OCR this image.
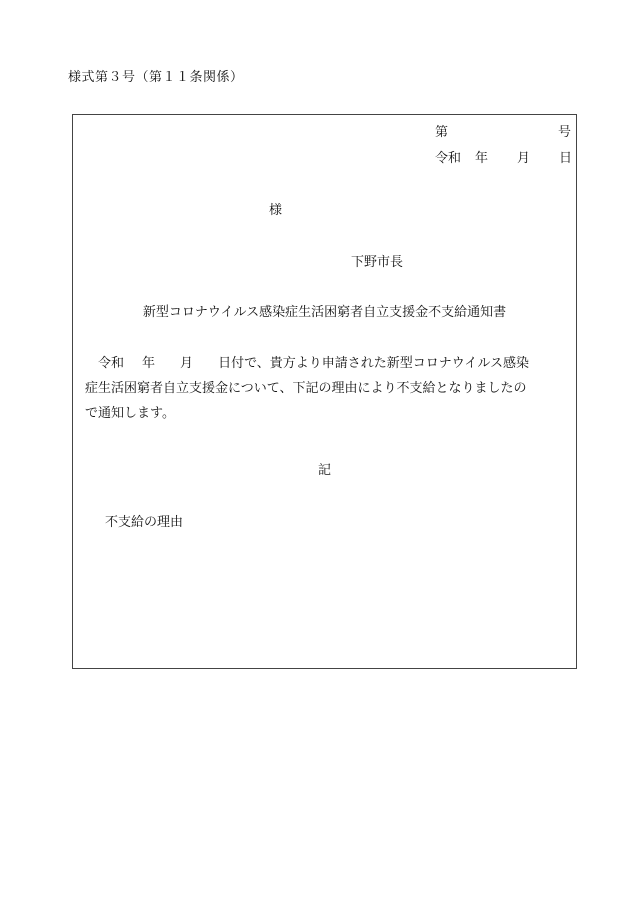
様式第３号（第１１条関係）
第	号
令和	年	月	日
様
下野市長
新型コロナウイルス感染症生活困窮者自立支援金不支給通知書
　令和 年 月 日付で、貴方より申請された新型コロナウイルス感染
症生活困窮者自立支援金について、下記の理由により不支給となりましたの
で通知します。
記
不支給の理由
